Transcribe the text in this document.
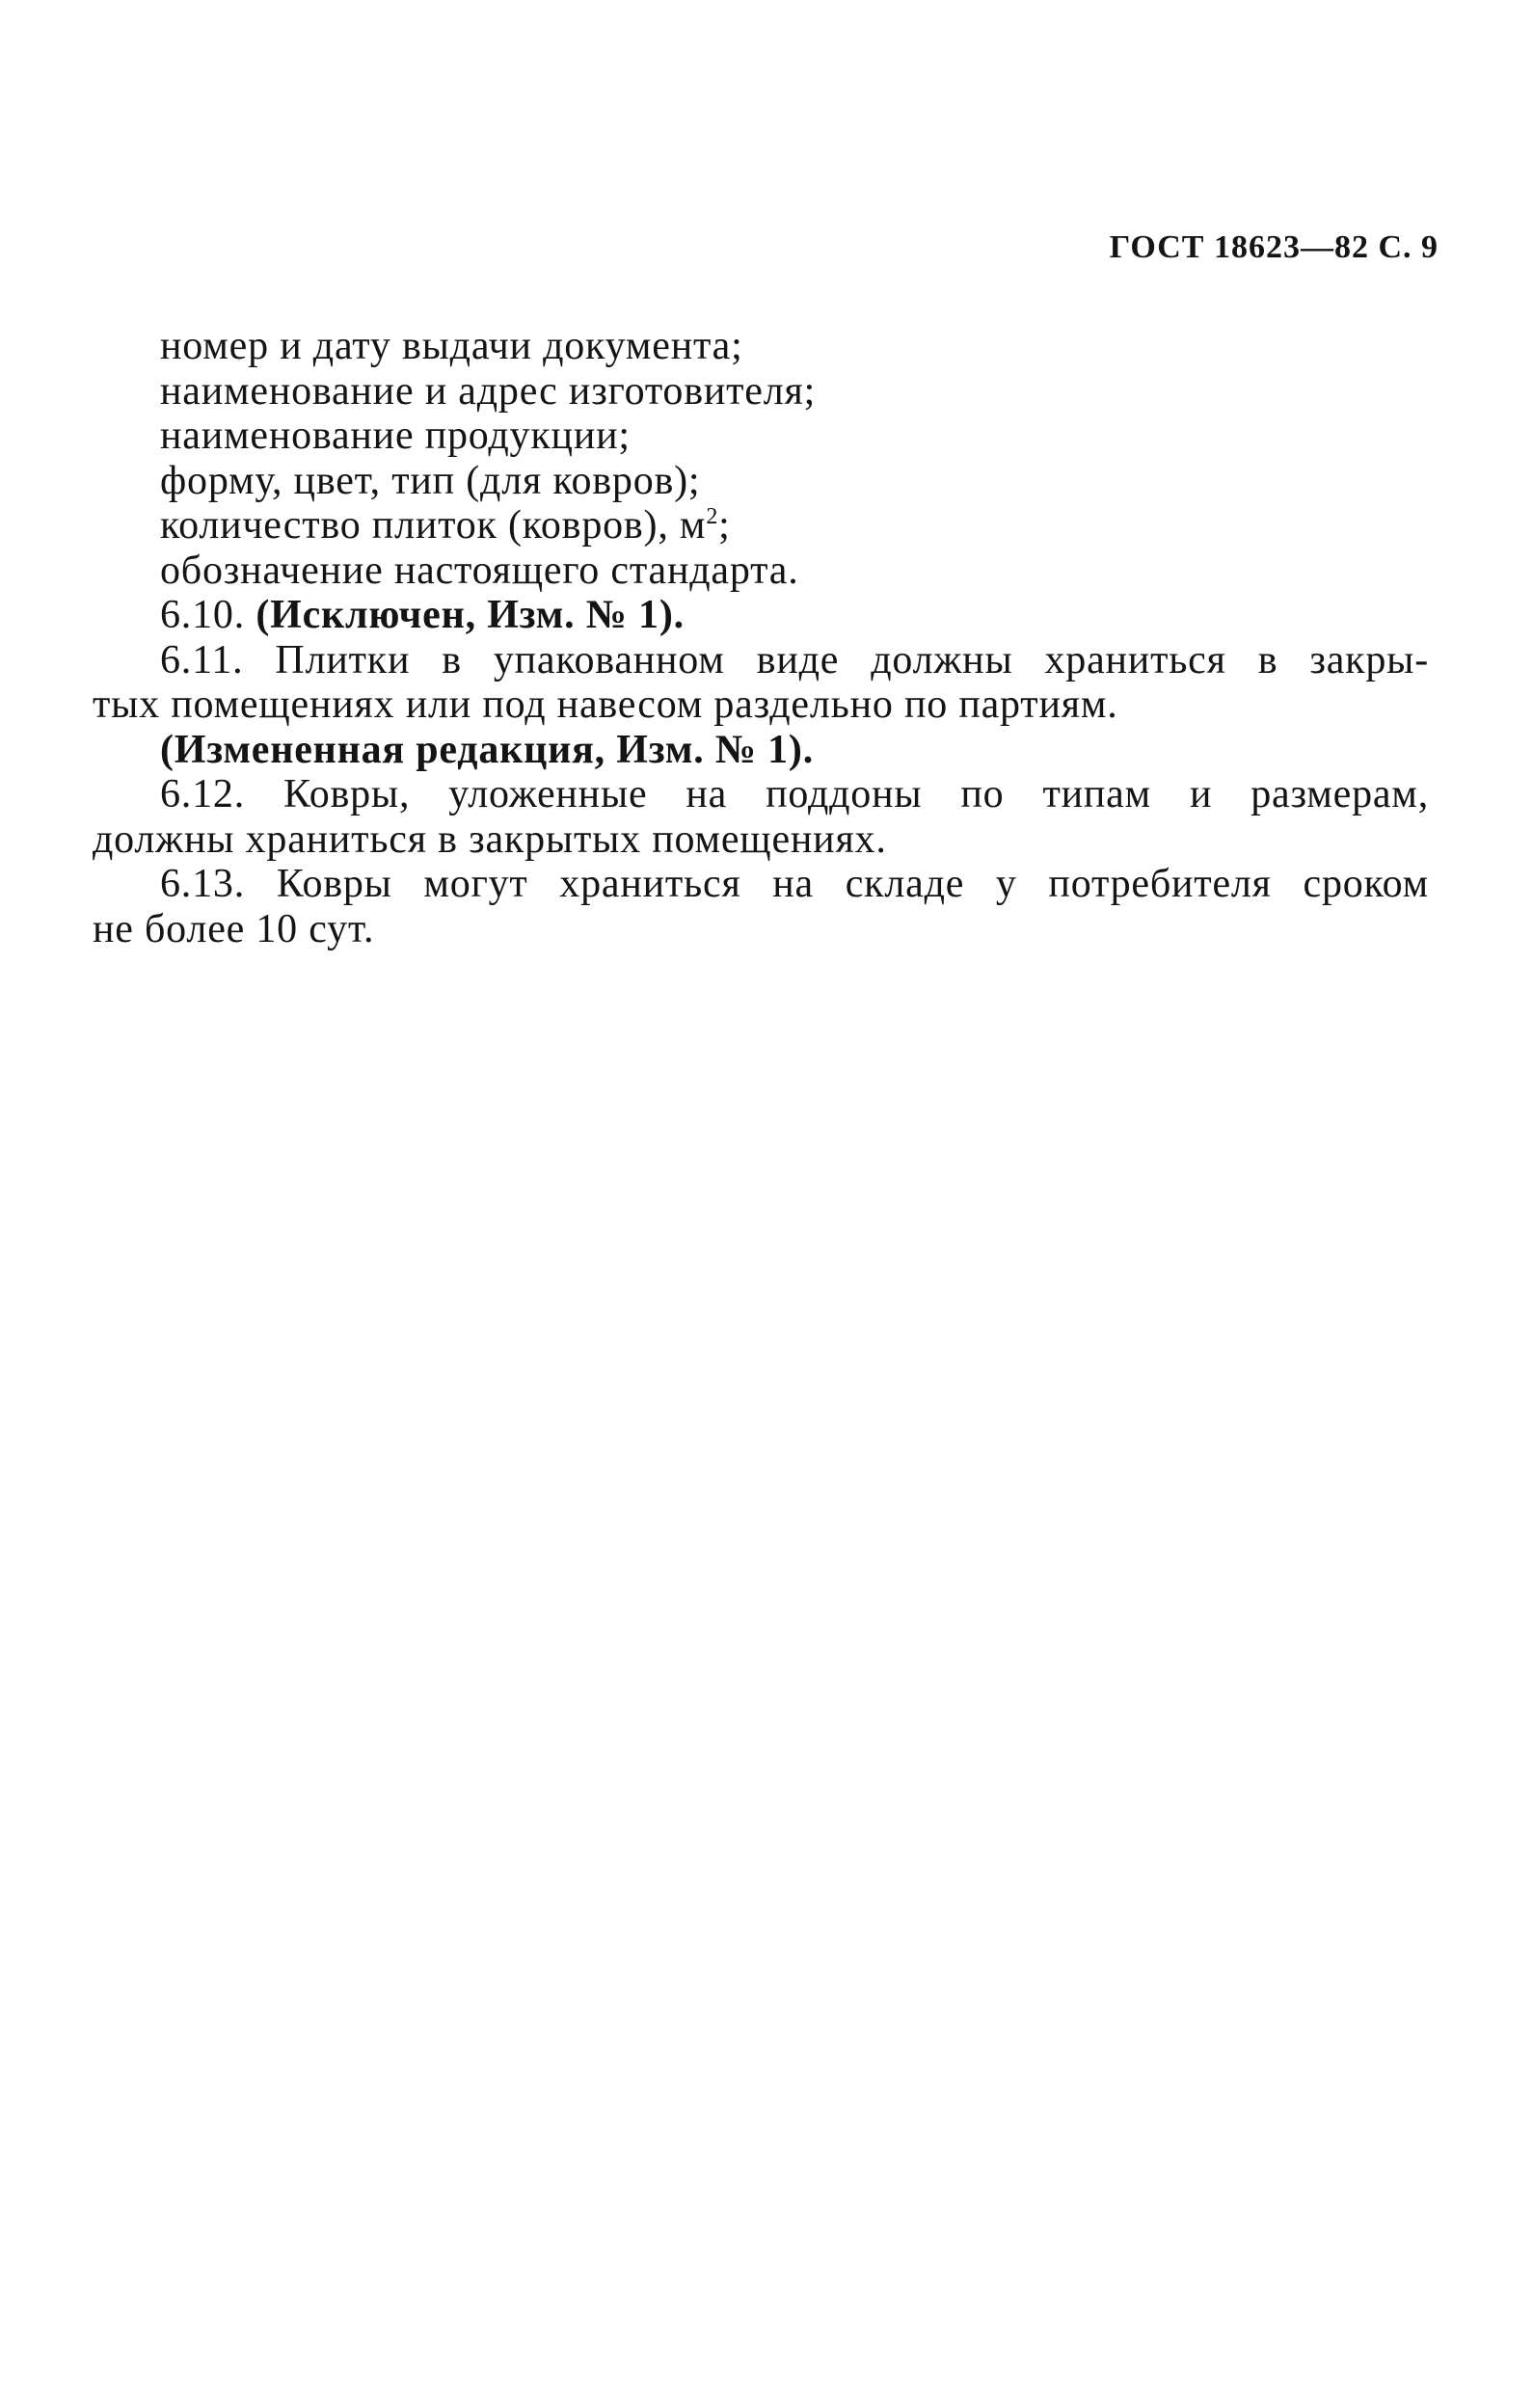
ГОСТ 18623—82 С. 9
номер и дату выдачи документа;
наименование и адрес изготовителя;
наименование продукции;
форму, цвет, тип (для ковров);
количество плиток (ковров), $м^2$;
обозначение настоящего стандарта.
6.10. (Исключен, Изм. № 1).
6.11. Плитки в упакованном виде должны храниться в закры-
тых помещениях или под навесом раздельно по партиям.
(Измененная редакция, Изм. № 1).
6.12. Ковры, уложенные на поддоны по типам и размерам,
должны храниться в закрытых помещениях.
6.13. Ковры могут храниться на складе у потребителя сроком
не более 10 сут.
